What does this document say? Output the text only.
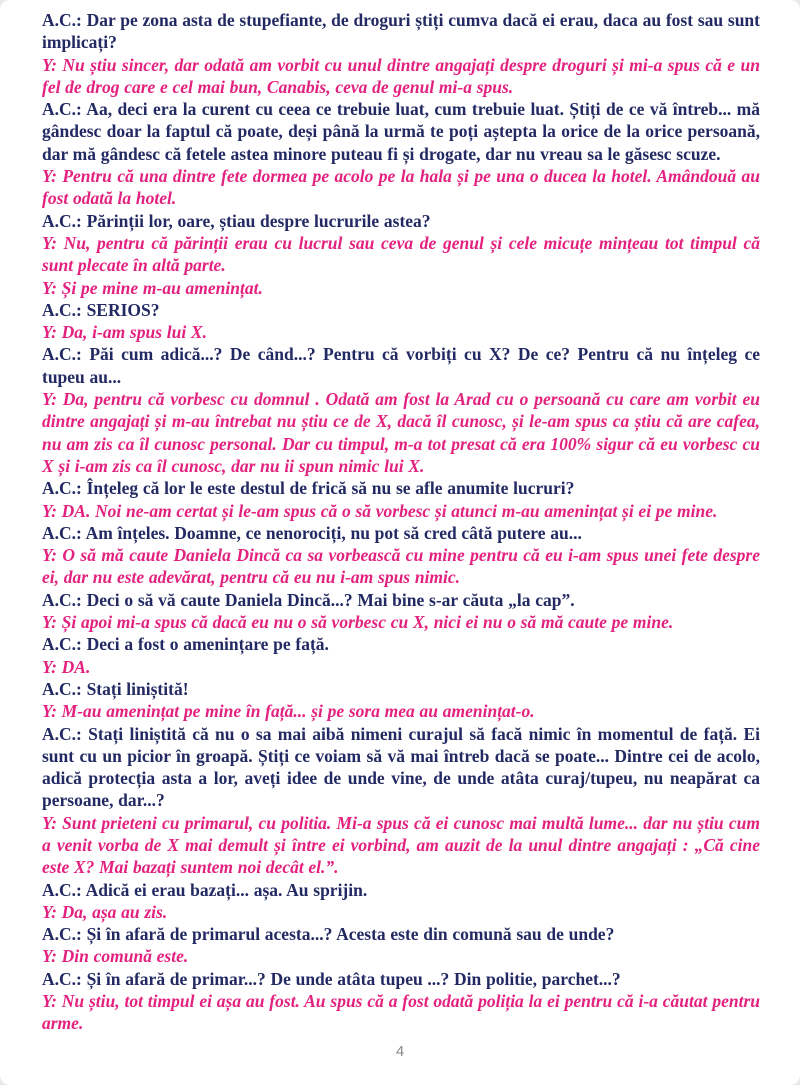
A.C.: Dar pe zona asta de stupefiante, de droguri știți cumva dacă ei erau, daca au fost sau sunt implicați?

Y: Nu știu sincer, dar odată am vorbit cu unul dintre angajați despre droguri și mi-a spus că e un fel de drog care e cel mai bun, Canabis, ceva de genul mi-a spus.

A.C.: Aa, deci era la curent cu ceea ce trebuie luat, cum trebuie luat. Știți de ce vă întreb... mă gândesc doar la faptul că poate, deși până la urmă te poți aștepta la orice de la orice persoană, dar mă gândesc că fetele astea minore puteau fi și drogate, dar nu vreau sa le găsesc scuze.

Y: Pentru că una dintre fete dormea pe acolo pe la hala și pe una o ducea la hotel. Amândouă au fost odată la hotel.

A.C.: Părinții lor, oare, știau despre lucrurile astea?

Y: Nu, pentru că părinții erau cu lucrul sau ceva de genul și cele micuțe mințeau tot timpul că sunt plecate în altă parte.

Y: Și pe mine m-au amenințat.

A.C.: SERIOS?

Y: Da, i-am spus lui X.

A.C.: Păi cum adică...? De când...? Pentru că vorbiți cu X? De ce? Pentru că nu înțeleg ce tupeu au...

Y: Da, pentru că vorbesc cu domnul . Odată am fost la Arad cu o persoană cu care am vorbit eu dintre angajați și m-au întrebat nu știu ce de X, dacă îl cunosc, și le-am spus ca știu că are cafea, nu am zis ca îl cunosc personal. Dar cu timpul, m-a tot presat că era 100% sigur că eu vorbesc cu X și i-am zis ca îl cunosc, dar nu ii spun nimic lui X.

A.C.: Înțeleg că lor le este destul de frică să nu se afle anumite lucruri?

Y: DA. Noi ne-am certat și le-am spus că o să vorbesc și atunci m-au amenințat și ei pe mine.

A.C.: Am înțeles. Doamne, ce nenorociți, nu pot să cred câtă putere au...

Y: O să mă caute Daniela Dincă ca sa vorbească cu mine pentru că eu i-am spus unei fete despre ei, dar nu este adevărat, pentru că eu nu i-am spus nimic.

A.C.: Deci o să vă caute Daniela Dincă...? Mai bine s-ar căuta „la cap”.

Y: Și apoi mi-a spus că dacă eu nu o să vorbesc cu X, nici ei nu o să mă caute pe mine.

A.C.: Deci a fost o amenințare pe față.

Y: DA.

A.C.: Stați liniștită!

Y: M-au amenințat pe mine în față... și pe sora mea au amenințat-o.

A.C.: Stați liniștită că nu o sa mai aibă nimeni curajul să facă nimic în momentul de față. Ei sunt cu un picior în groapă. Știți ce voiam să vă mai întreb dacă se poate... Dintre cei de acolo, adică protecția asta a lor, aveți idee de unde vine, de unde atâta curaj/tupeu, nu neapărat ca persoane, dar...?

Y: Sunt prieteni cu primarul, cu politia. Mi-a spus că ei cunosc mai multă lume... dar nu știu cum a venit vorba de X mai demult și între ei vorbind, am auzit de la unul dintre angajați : „Că cine este X? Mai bazați suntem noi decât el.”.

A.C.: Adică ei erau bazați... așa. Au sprijin.

Y: Da, așa au zis.

A.C.: Și în afară de primarul acesta...? Acesta este din comună sau de unde?

Y: Din comună este.

A.C.: Și în afară de primar...? De unde atâta tupeu ...? Din politie, parchet...?

Y: Nu știu, tot timpul ei așa au fost. Au spus că a fost odată poliția la ei pentru că i-a căutat pentru arme.

4
